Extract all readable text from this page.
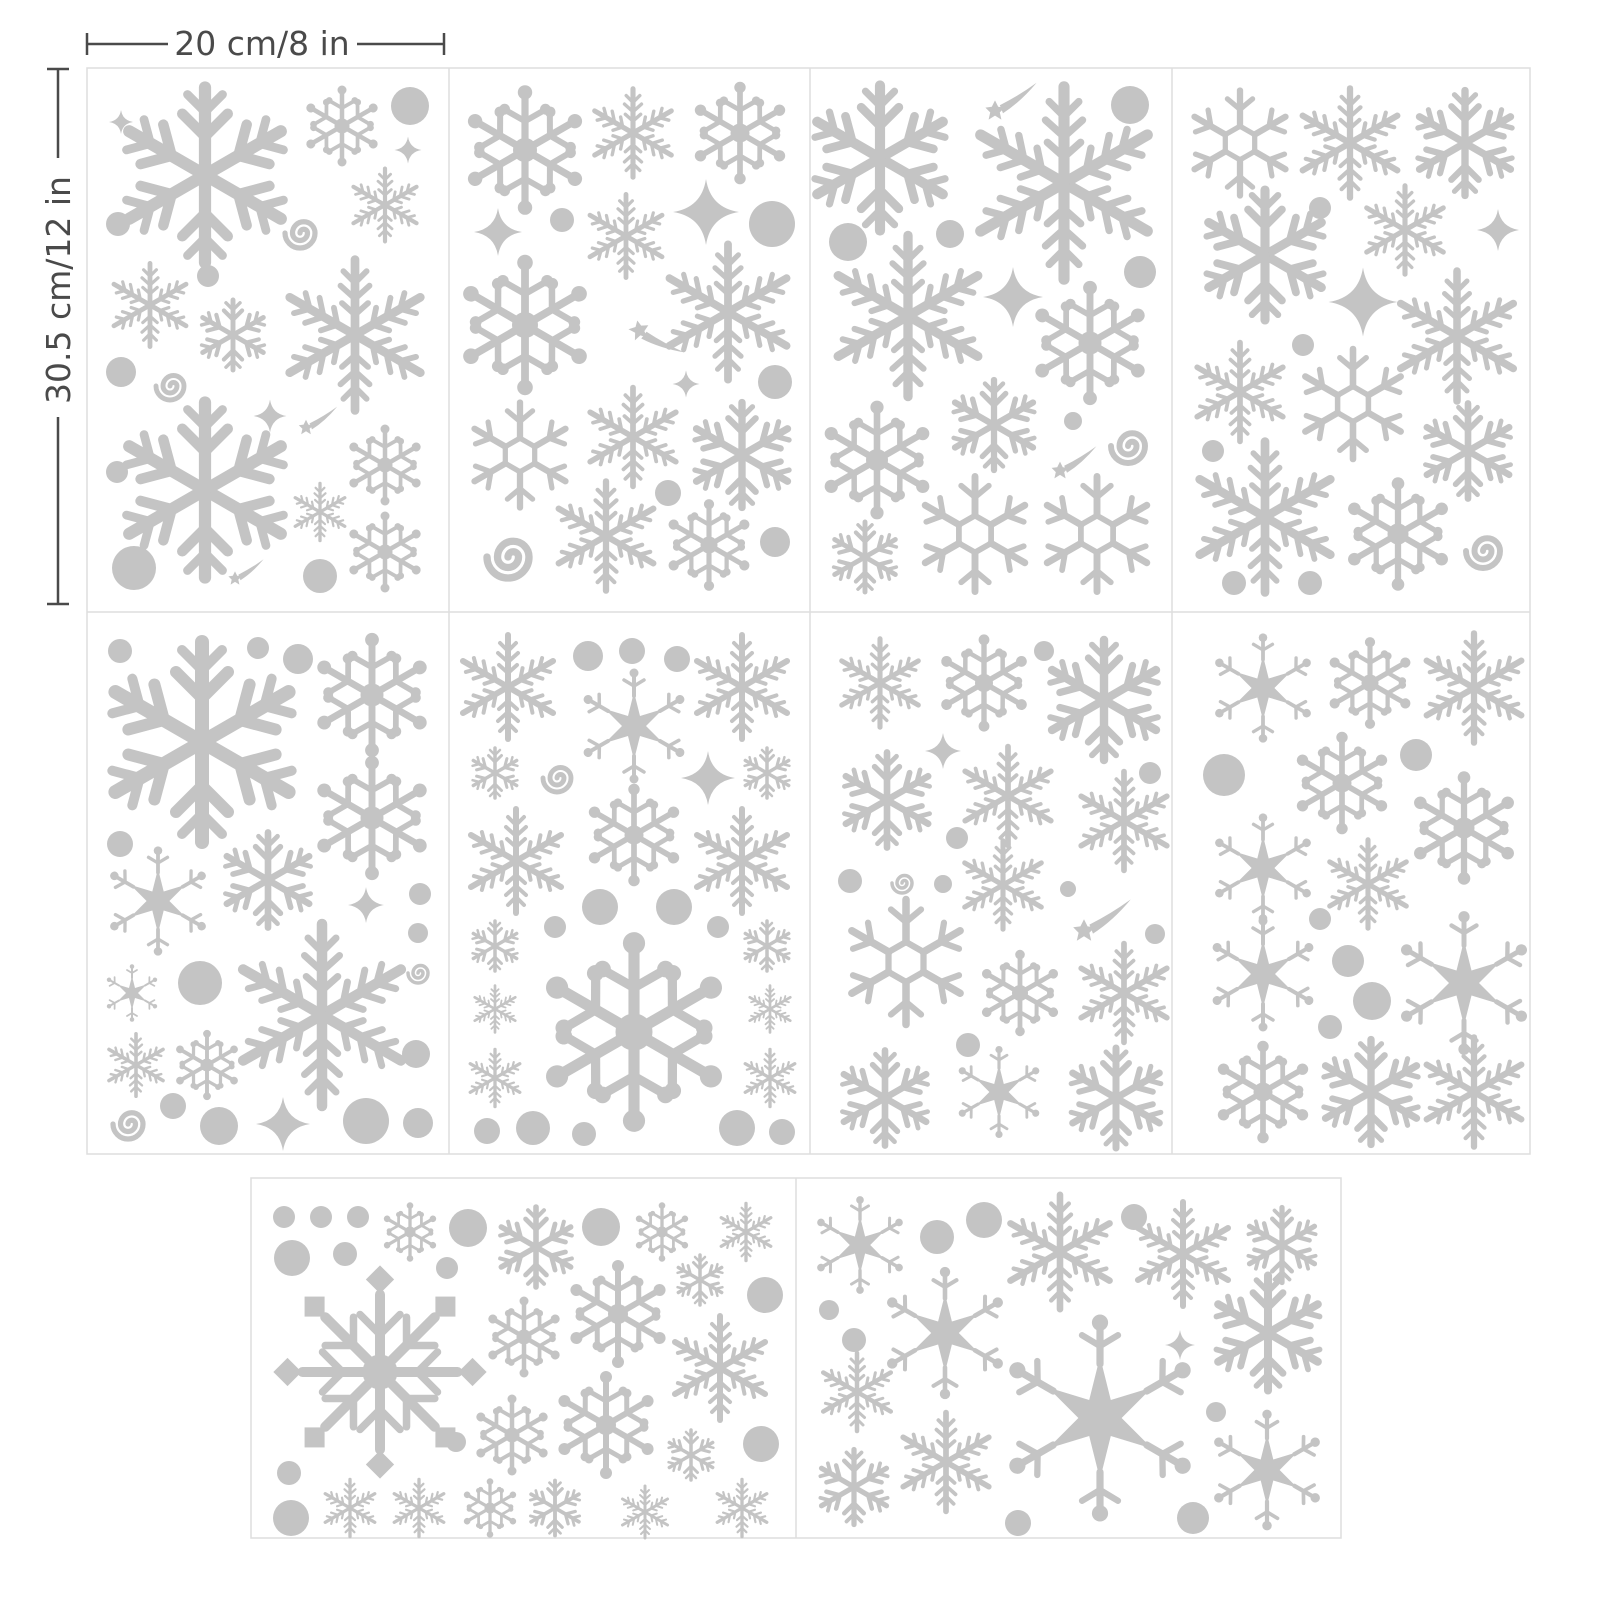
20 cm/8 in
30.5 cm/12 in
